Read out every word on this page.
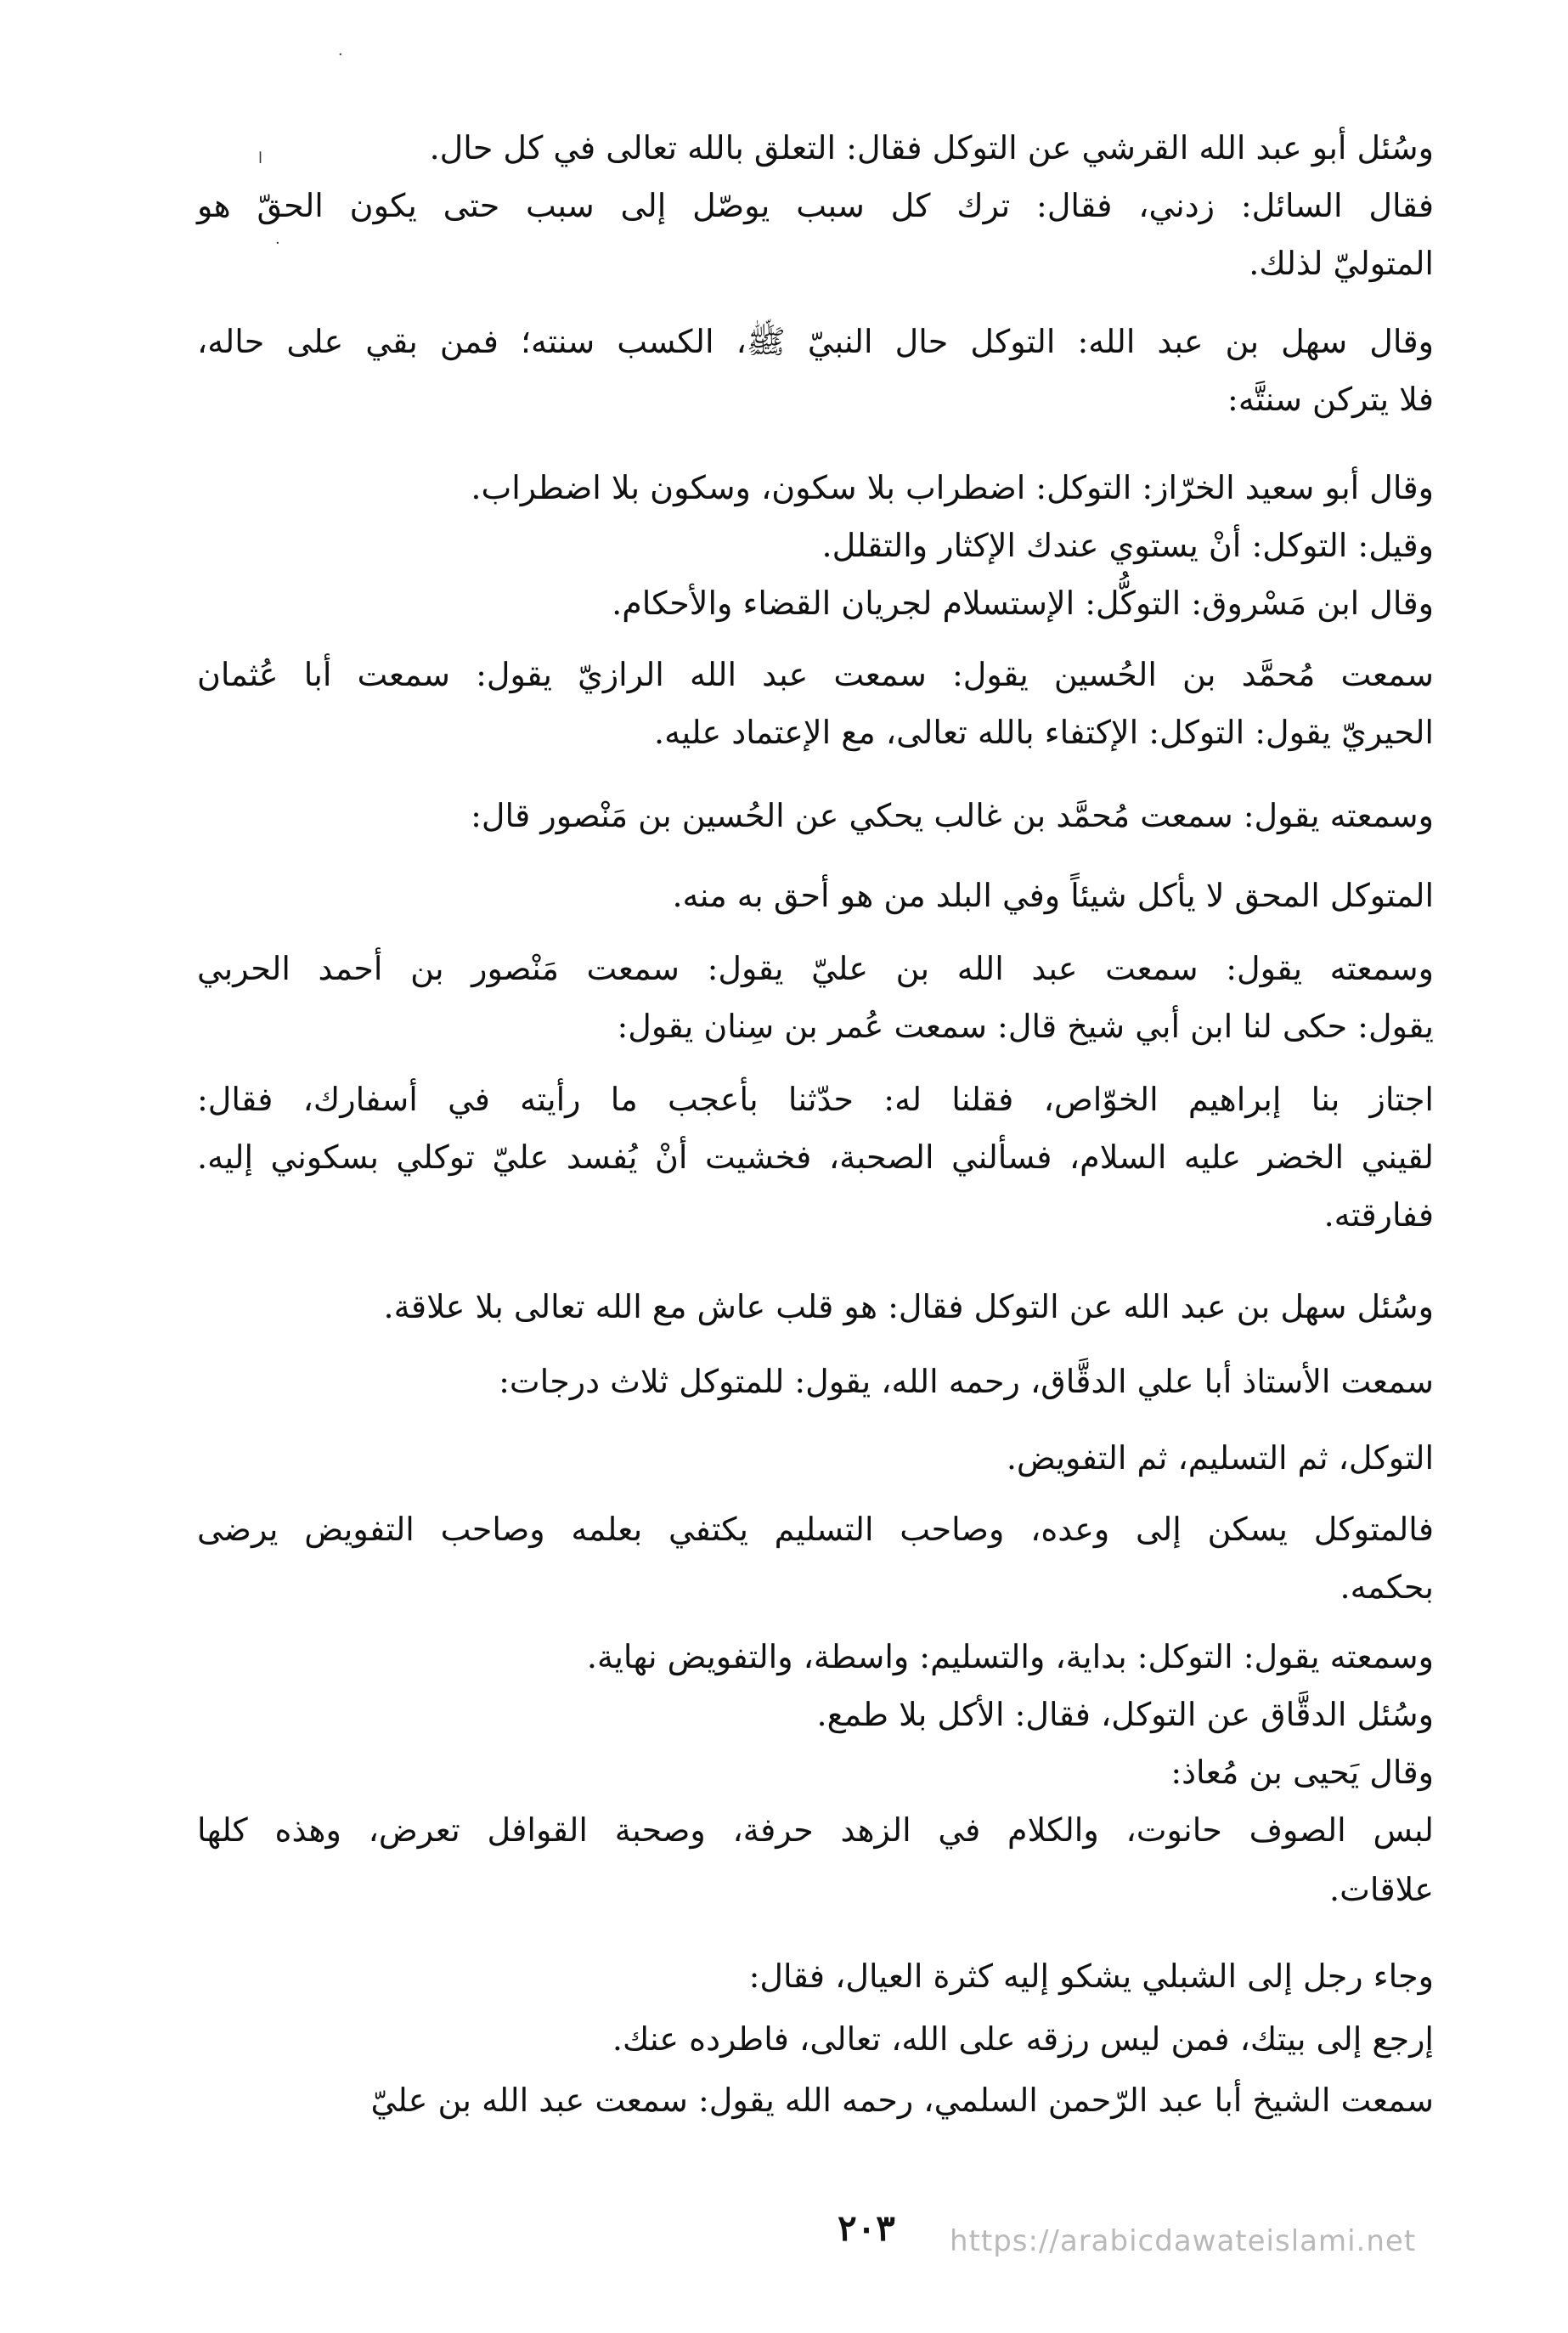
·
ا
·

وسُئل أبو عبد الله القرشي عن التوكل فقال: التعلق بالله تعالى في كل حال.

فقال السائل: زدني، فقال: ترك كل سبب يوصّل إلى سبب حتى يكون الحقّ هو

المتوليّ لذلك.

وقال سهل بن عبد الله: التوكل حال النبيّ ﷺ، الكسب سنته؛ فمن بقي على حاله،

فلا يتركن سنتَّه:

وقال أبو سعيد الخرّاز: التوكل: اضطراب بلا سكون، وسكون بلا اضطراب.

وقيل: التوكل: أنْ يستوي عندك الإكثار والتقلل.

وقال ابن مَسْروق: التوكُّل: الإستسلام لجريان القضاء والأحكام.

سمعت مُحمَّد بن الحُسين يقول: سمعت عبد الله الرازيّ يقول: سمعت أبا عُثمان

الحيريّ يقول: التوكل: الإكتفاء بالله تعالى، مع الإعتماد عليه.

وسمعته يقول: سمعت مُحمَّد بن غالب يحكي عن الحُسين بن مَنْصور قال:

المتوكل المحق لا يأكل شيئاً وفي البلد من هو أحق به منه.

وسمعته يقول: سمعت عبد الله بن عليّ يقول: سمعت مَنْصور بن أحمد الحربي

يقول: حكى لنا ابن أبي شيخ قال: سمعت عُمر بن سِنان يقول:

اجتاز بنا إبراهيم الخوّاص، فقلنا له: حدّثنا بأعجب ما رأيته في أسفارك، فقال:

لقيني الخضر عليه السلام، فسألني الصحبة، فخشيت أنْ يُفسد عليّ توكلي بسكوني إليه.

ففارقته.

وسُئل سهل بن عبد الله عن التوكل فقال: هو قلب عاش مع الله تعالى بلا علاقة.

سمعت الأستاذ أبا علي الدقَّاق، رحمه الله، يقول: للمتوكل ثلاث درجات:

التوكل، ثم التسليم، ثم التفويض.

فالمتوكل يسكن إلى وعده، وصاحب التسليم يكتفي بعلمه وصاحب التفويض يرضى

بحكمه.

وسمعته يقول: التوكل: بداية، والتسليم: واسطة، والتفويض نهاية.

وسُئل الدقَّاق عن التوكل، فقال: الأكل بلا طمع.

وقال يَحيى بن مُعاذ:

لبس الصوف حانوت، والكلام في الزهد حرفة، وصحبة القوافل تعرض، وهذه كلها

علاقات.

وجاء رجل إلى الشبلي يشكو إليه كثرة العيال، فقال:

إرجع إلى بيتك، فمن ليس رزقه على الله، تعالى، فاطرده عنك.

سمعت الشيخ أبا عبد الرّحمن السلمي، رحمه الله يقول: سمعت عبد الله بن عليّ

٢٠٣	https://arabicdawateislami.net
